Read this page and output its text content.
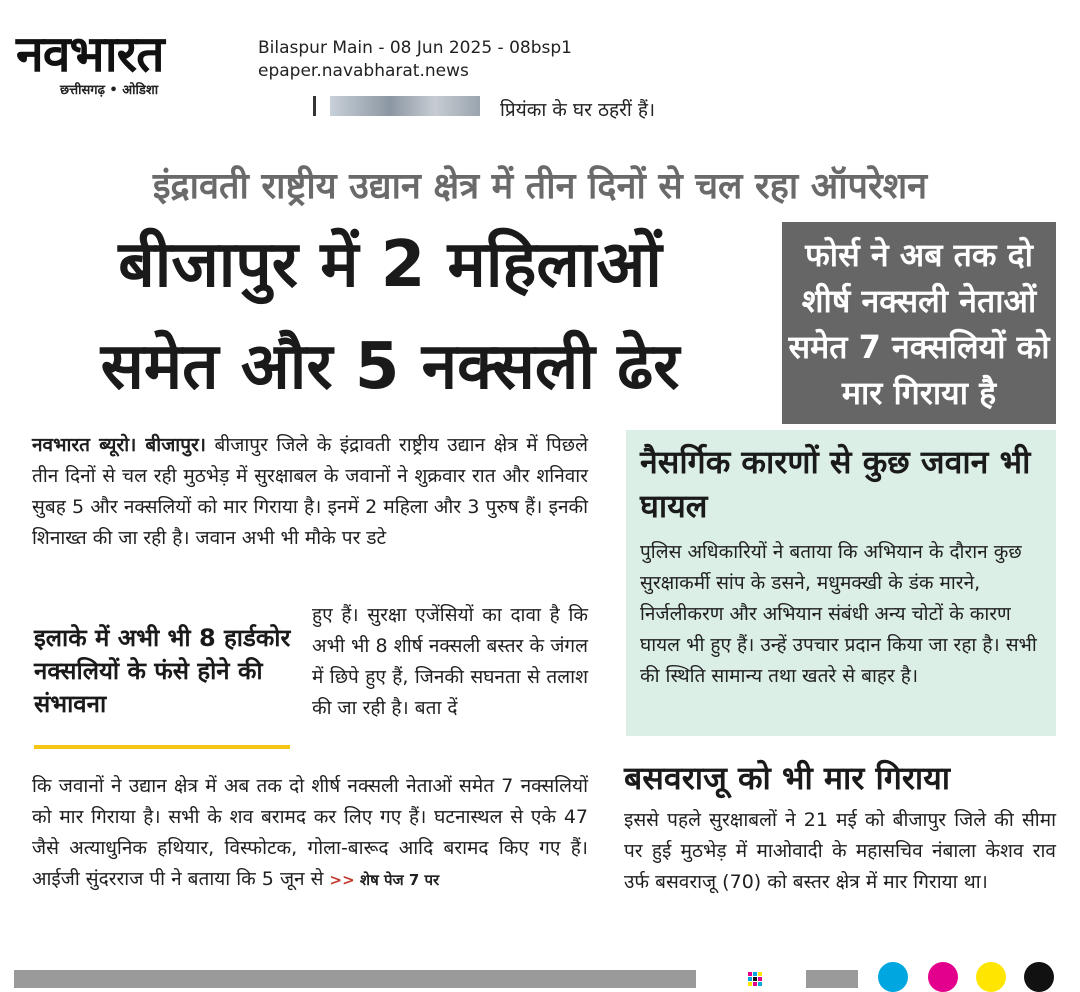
नवभारत
छत्तीसगढ़ • ओडिशा
Bilaspur Main - 08 Jun 2025 - 08bsp1
epaper.navabharat.news
प्रियंका के घर ठहरीं हैं।
इंद्रावती राष्ट्रीय उद्यान क्षेत्र में तीन दिनों से चल रहा ऑपरेशन
बीजापुर में 2 महिलाओं
समेत और 5 नक्सली ढेर
फोर्स ने अब तक दो शीर्ष नक्सली नेताओं समेत 7 नक्सलियों को मार गिराया है
नवभारत ब्यूरो। बीजापुर। बीजापुर जिले के इंद्रावती राष्ट्रीय उद्यान क्षेत्र में पिछले तीन दिनों से चल रही मुठभेड़ में सुरक्षाबल के जवानों ने शुक्रवार रात और शनिवार सुबह 5 और नक्सलियों को मार गिराया है। इनमें 2 महिला और 3 पुरुष हैं। इनकी शिनाख्त की जा रही है। जवान अभी भी मौके पर डटे
इलाके में अभी भी 8 हार्डकोर नक्सलियों के फंसे होने की संभावना
हुए हैं। सुरक्षा एजेंसियों का दावा है कि अभी भी 8 शीर्ष नक्सली बस्तर के जंगल में छिपे हुए हैं, जिनकी सघनता से तलाश की जा रही है। बता दें
कि जवानों ने उद्यान क्षेत्र में अब तक दो शीर्ष नक्सली नेताओं समेत 7 नक्सलियों को मार गिराया है। सभी के शव बरामद कर लिए गए हैं। घटनास्थल से एके 47 जैसे अत्याधुनिक हथियार, विस्फोटक, गोला-बारूद आदि बरामद किए गए हैं। आईजी सुंदरराज पी ने बताया कि 5 जून से >> शेष पेज 7 पर
नैसर्गिक कारणों से कुछ जवान भी घायल
पुलिस अधिकारियों ने बताया कि अभियान के दौरान कुछ सुरक्षाकर्मी सांप के डसने, मधुमक्खी के डंक मारने, निर्जलीकरण और अभियान संबंधी अन्य चोटों के कारण घायल भी हुए हैं। उन्हें उपचार प्रदान किया जा रहा है। सभी की स्थिति सामान्य तथा खतरे से बाहर है।
बसवराजू को भी मार गिराया
इससे पहले सुरक्षाबलों ने 21 मई को बीजापुर जिले की सीमा पर हुई मुठभेड़ में माओवादी के महासचिव नंबाला केशव राव उर्फ बसवराजू (70) को बस्तर क्षेत्र में मार गिराया था।
